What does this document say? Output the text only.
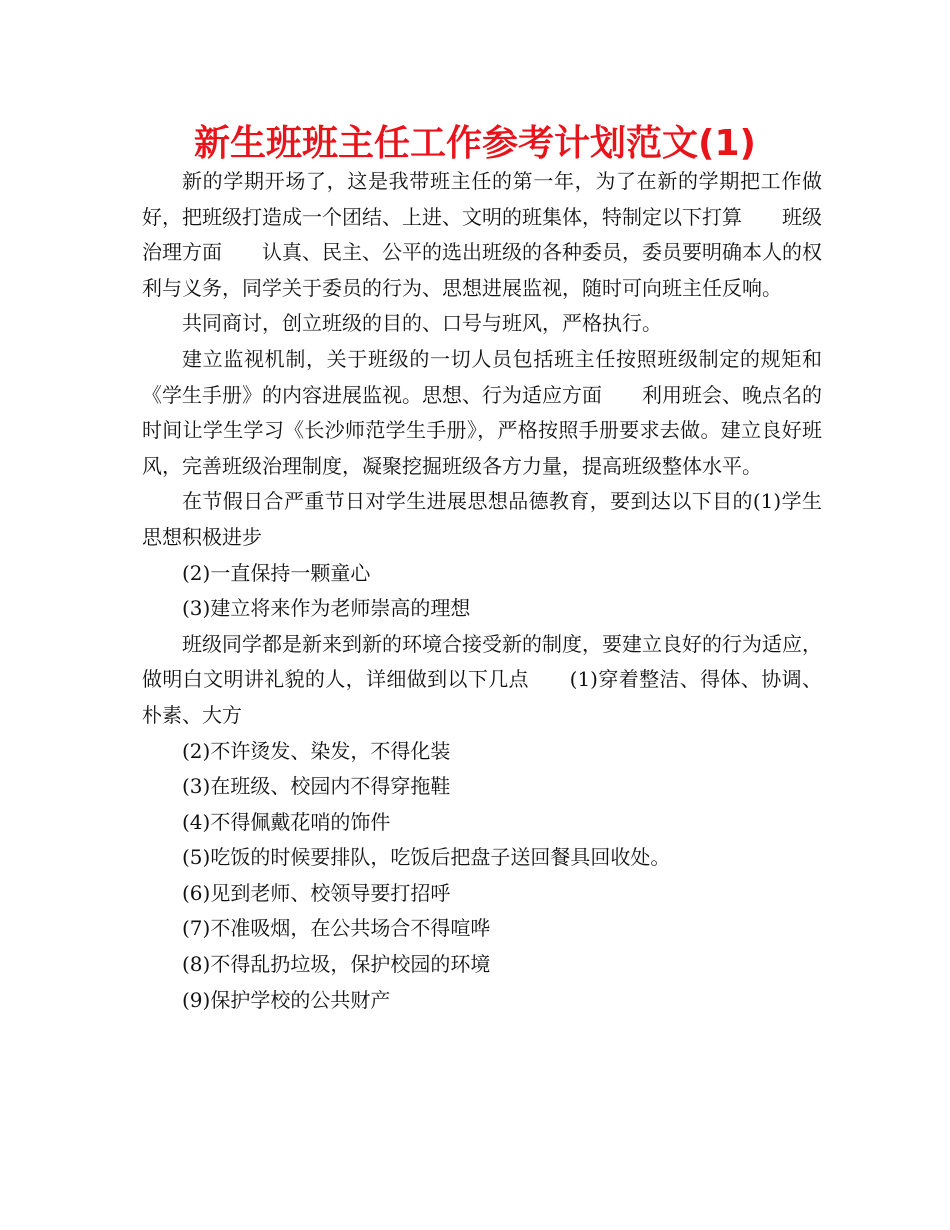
新生班班主任工作参考计划范文(1)

新的学期开场了，这是我带班主任的第一年，为了在新的学期把工作做好，把班级打造成一个团结、上进、文明的班集体，特制定以下打算　　班级治理方面　　认真、民主、公平的选出班级的各种委员，委员要明确本人的权利与义务，同学关于委员的行为、思想进展监视，随时可向班主任反响。

共同商讨，创立班级的目的、口号与班风，严格执行。

建立监视机制，关于班级的一切人员包括班主任按照班级制定的规矩和《学生手册》的内容进展监视。思想、行为适应方面　　利用班会、晚点名的时间让学生学习《长沙师范学生手册》，严格按照手册要求去做。建立良好班风，完善班级治理制度，凝聚挖掘班级各方力量，提高班级整体水平。

在节假日合严重节日对学生进展思想品德教育，要到达以下目的(1)学生思想积极进步

(2)一直保持一颗童心

(3)建立将来作为老师崇高的理想

班级同学都是新来到新的环境合接受新的制度，要建立良好的行为适应，做明白文明讲礼貌的人，详细做到以下几点　　(1)穿着整洁、得体、协调、朴素、大方

(2)不许烫发、染发，不得化装

(3)在班级、校园内不得穿拖鞋

(4)不得佩戴花哨的饰件

(5)吃饭的时候要排队，吃饭后把盘子送回餐具回收处。

(6)见到老师、校领导要打招呼

(7)不准吸烟，在公共场合不得喧哗

(8)不得乱扔垃圾，保护校园的环境

(9)保护学校的公共财产
